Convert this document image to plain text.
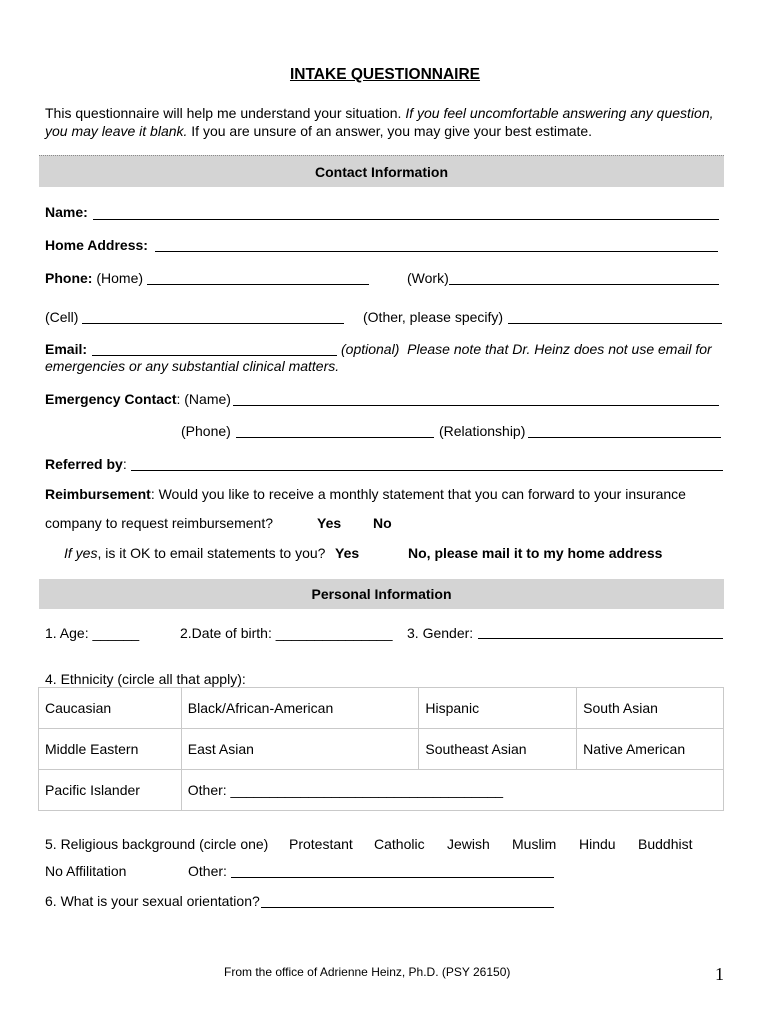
INTAKE QUESTIONNAIRE
This questionnaire will help me understand your situation. If you feel uncomfortable answering any question, you may leave it blank. If you are unsure of an answer, you may give your best estimate.
Contact Information
Name:
Home Address:
Phone: (Home)	(Work)
(Cell)	(Other, please specify)
Email:	(optional) Please note that Dr. Heinz does not use email for
emergencies or any substantial clinical matters.
Emergency Contact: (Name)
(Phone)	(Relationship)
Referred by:
Reimbursement: Would you like to receive a monthly statement that you can forward to your insurance
company to request reimbursement?	Yes No
If yes, is it OK to email statements to you? Yes	No, please mail it to my home address
Personal Information
1. Age: ______	2.Date of birth: _______________ 3. Gender:
4. Ethnicity (circle all that apply):
Caucasian	Black/African-American	Hispanic	South Asian
Middle Eastern	East Asian	Southeast Asian	Native American
Pacific Islander	Other: ___________________________________		
5. Religious background (circle one) Protestant Catholic Jewish Muslim Hindu Buddhist
No Affilitation	Other:
6. What is your sexual orientation?
From the office of Adrienne Heinz, Ph.D. (PSY 26150)	1
